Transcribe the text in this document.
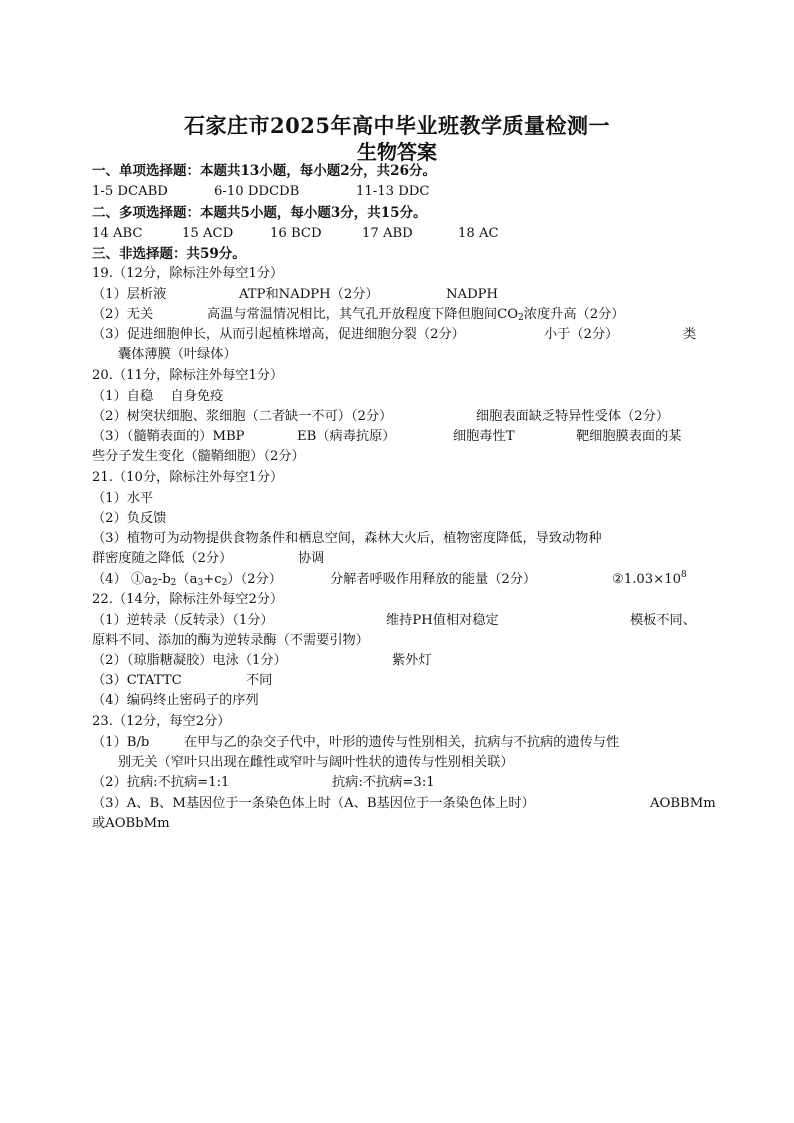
石家庄市2025年高中毕业班教学质量检测一
生物答案
一、单项选择题：本题共13小题，每小题2分，共26分。
1-5 DCABD	6-10 DDCDB	11-13 DDC
二、多项选择题：本题共5小题，每小题3分，共15分。
14 ABC	15 ACD	16 BCD	17 ABD	18 AC
三、非选择题：共59分。
19.（12分，除标注外每空1分）
（1）层析液	ATP和NADPH（2分）	NADPH
（2）无关	高温与常温情况相比，其气孔开放程度下降但胞间$CO_2$浓度升高（2分）
（3）促进细胞伸长，从而引起植株增高，促进细胞分裂（2分）	小于（2分）	类
囊体薄膜（叶绿体）
20.（11分，除标注外每空1分）
（1）自稳　 自身免疫
（2）树突状细胞、浆细胞（二者缺一不可）（2分）	细胞表面缺乏特异性受体（2分）
（3）（髓鞘表面的）MBP	EB（病毒抗原）	细胞毒性T	靶细胞膜表面的某
些分子发生变化（髓鞘细胞）（2分）
21.（10分，除标注外每空1分）
（1）水平
（2）负反馈
（3）植物可为动物提供食物条件和栖息空间，森林大火后，植物密度降低，导致动物种
群密度随之降低（2分）	协调
（4） $①a_2-b_2(a_3+c_2)(2$分）	分解者呼吸作用释放的能量（2分）	$②1.03\times 10^8$
22.（14分，除标注外每空2分）
（1）逆转录（反转录）（1分）	维持PH值相对稳定	模板不同、
原料不同、添加的酶为逆转录酶（不需要引物）
（2）（琼脂糖凝胶）电泳（1分）	紫外灯
（3）CTATTC	不同
（4）编码终止密码子的序列
23.（12分，每空2分）
（1）B/b	在甲与乙的杂交子代中，叶形的遗传与性别相关，抗病与不抗病的遗传与性
别无关（窄叶只出现在雌性或窄叶与阔叶性状的遗传与性别相关联）
（2）抗病:不抗病=1:1	抗病:不抗病=3:1
（3）A、B、M基因位于一条染色体上时（A、B基因位于一条染色体上时）	AOBBMm
或AOBbMm
